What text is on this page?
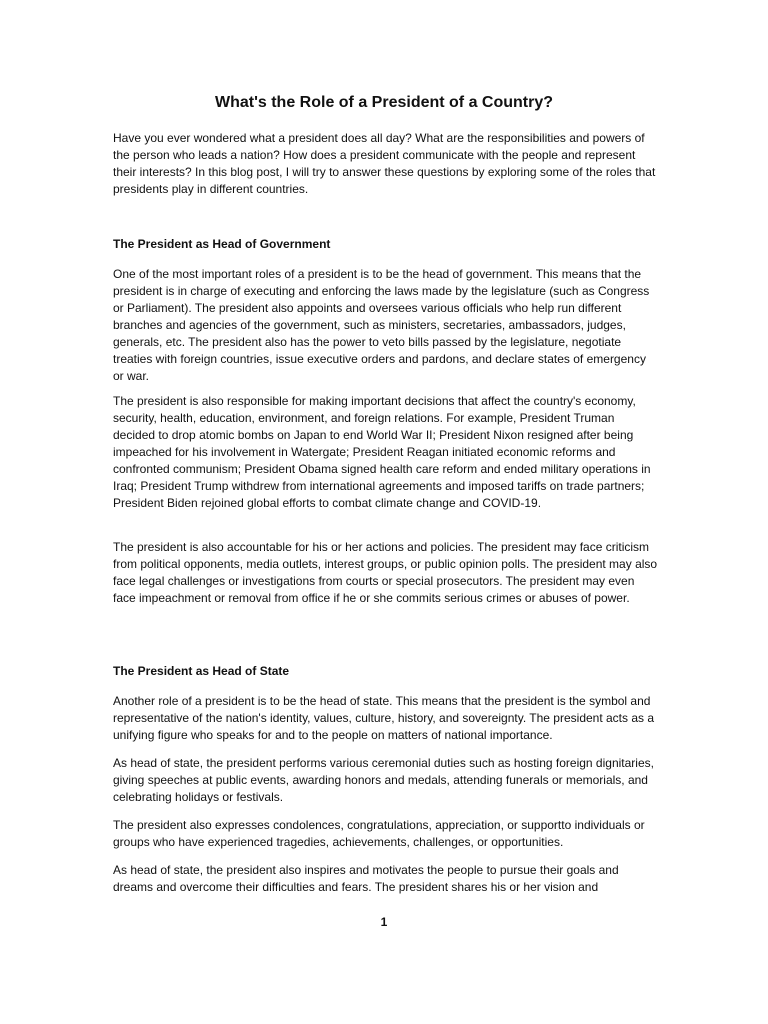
What's the Role of a President of a Country?

Have you ever wondered what a president does all day? What are the responsibilities and powers of the person who leads a nation? How does a president communicate with the people and represent their interests? In this blog post, I will try to answer these questions by exploring some of the roles that presidents play in different countries.

The President as Head of Government

One of the most important roles of a president is to be the head of government. This means that the president is in charge of executing and enforcing the laws made by the legislature (such as Congress or Parliament). The president also appoints and oversees various officials who help run different branches and agencies of the government, such as ministers, secretaries, ambassadors, judges, generals, etc. The president also has the power to veto bills passed by the legislature, negotiate treaties with foreign countries, issue executive orders and pardons, and declare states of emergency or war.

The president is also responsible for making important decisions that affect the country's economy, security, health, education, environment, and foreign relations. For example, President Truman decided to drop atomic bombs on Japan to end World War II; President Nixon resigned after being impeached for his involvement in Watergate; President Reagan initiated economic reforms and confronted communism; President Obama signed health care reform and ended military operations in Iraq; President Trump withdrew from international agreements and imposed tariffs on trade partners; President Biden rejoined global efforts to combat climate change and COVID-19.

The president is also accountable for his or her actions and policies. The president may face criticism from political opponents, media outlets, interest groups, or public opinion polls. The president may also face legal challenges or investigations from courts or special prosecutors. The president may even face impeachment or removal from office if he or she commits serious crimes or abuses of power.

The President as Head of State

Another role of a president is to be the head of state. This means that the president is the symbol and representative of the nation's identity, values, culture, history, and sovereignty. The president acts as a unifying figure who speaks for and to the people on matters of national importance.

As head of state, the president performs various ceremonial duties such as hosting foreign dignitaries, giving speeches at public events, awarding honors and medals, attending funerals or memorials, and celebrating holidays or festivals.

The president also expresses condolences, congratulations, appreciation, or supportto individuals or groups who have experienced tragedies, achievements, challenges, or opportunities.

As head of state, the president also inspires and motivates the people to pursue their goals and dreams and overcome their difficulties and fears. The president shares his or her vision and

1
